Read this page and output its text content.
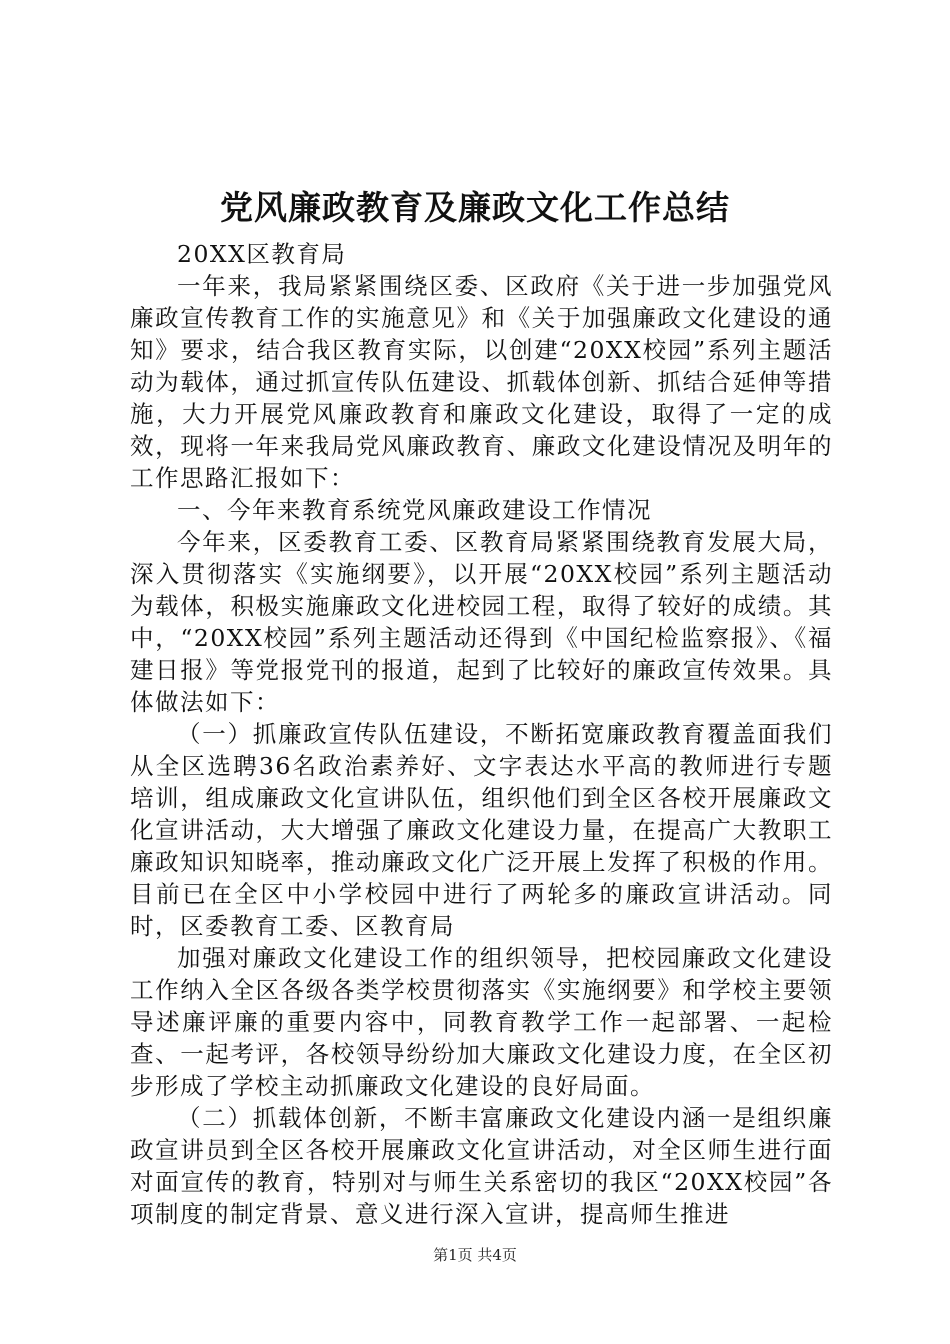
党风廉政教育及廉政文化工作总结

20XX区教育局

一年来，我局紧紧围绕区委、区政府《关于进一步加强党风廉政宣传教育工作的实施意见》和《关于加强廉政文化建设的通知》要求，结合我区教育实际，以创建“20XX校园”系列主题活动为载体，通过抓宣传队伍建设、抓载体创新、抓结合延伸等措施，大力开展党风廉政教育和廉政文化建设，取得了一定的成效，现将一年来我局党风廉政教育、廉政文化建设情况及明年的工作思路汇报如下：

一、今年来教育系统党风廉政建设工作情况

今年来，区委教育工委、区教育局紧紧围绕教育发展大局，深入贯彻落实《实施纲要》，以开展“20XX校园”系列主题活动为载体，积极实施廉政文化进校园工程，取得了较好的成绩。其中，“20XX校园”系列主题活动还得到《中国纪检监察报》、《福建日报》等党报党刊的报道，起到了比较好的廉政宣传效果。具体做法如下：

（一）抓廉政宣传队伍建设，不断拓宽廉政教育覆盖面我们从全区选聘36名政治素养好、文字表达水平高的教师进行专题培训，组成廉政文化宣讲队伍，组织他们到全区各校开展廉政文化宣讲活动，大大增强了廉政文化建设力量，在提高广大教职工廉政知识知晓率，推动廉政文化广泛开展上发挥了积极的作用。目前已在全区中小学校园中进行了两轮多的廉政宣讲活动。同时，区委教育工委、区教育局

加强对廉政文化建设工作的组织领导，把校园廉政文化建设工作纳入全区各级各类学校贯彻落实《实施纲要》和学校主要领导述廉评廉的重要内容中，同教育教学工作一起部署、一起检查、一起考评，各校领导纷纷加大廉政文化建设力度，在全区初步形成了学校主动抓廉政文化建设的良好局面。

（二）抓载体创新，不断丰富廉政文化建设内涵一是组织廉政宣讲员到全区各校开展廉政文化宣讲活动，对全区师生进行面对面宣传的教育，特别对与师生关系密切的我区“20XX校园”各项制度的制定背景、意义进行深入宣讲，提高师生推进

第1页 共4页
